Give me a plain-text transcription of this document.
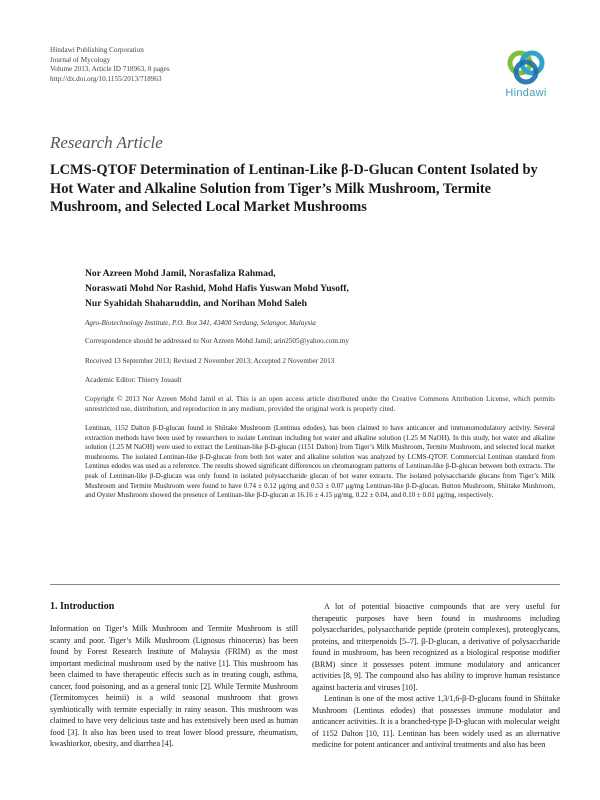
Hindawi Publishing Corporation
Journal of Mycology
Volume 2013, Article ID 718963, 8 pages
http://dx.doi.org/10.1155/2013/718963
Hindawi
Research Article
LCMS-QTOF Determination of Lentinan-Like β-D-Glucan Content Isolated by Hot Water and Alkaline Solution from Tiger’s Milk Mushroom, Termite Mushroom, and Selected Local Market Mushrooms
Nor Azreen Mohd Jamil, Norasfaliza Rahmad,
Noraswati Mohd Nor Rashid, Mohd Hafis Yuswan Mohd Yusoff,
Nur Syahidah Shaharuddin, and Norihan Mohd Saleh
Agro-Biotechnology Institute, P.O. Box 341, 43400 Serdang, Selangor, Malaysia
Correspondence should be addressed to Nor Azreen Mohd Jamil; arin2505@yahoo.com.my
Received 13 September 2013; Revised 2 November 2013; Accepted 2 November 2013
Academic Editor: Thierry Jouault
Copyright © 2013 Nor Azreen Mohd Jamil et al. This is an open access article distributed under the Creative Commons Attribution License, which permits unrestricted use, distribution, and reproduction in any medium, provided the original work is properly cited.
Lentinan, 1152 Dalton β-D-glucan found in Shiitake Mushroom (Lentinus edodes), has been claimed to have anticancer and immunomodulatory activity. Several extraction methods have been used by researchers to isolate Lentinan including hot water and alkaline solution (1.25 M NaOH). In this study, hot water and alkaline solution (1.25 M NaOH) were used to extract the Lentinan-like β-D-glucan (1151 Dalton) from Tiger’s Milk Mushroom, Termite Mushroom, and selected local market mushrooms. The isolated Lentinan-like β-D-glucan from both hot water and alkaline solution was analyzed by LCMS-QTOF. Commercial Lentinan standard from Lentinus edodes was used as a reference. The results showed significant differences on chromatogram patterns of Lentinan-like β-D-glucan between both extracts. The peak of Lentinan-like β-D-glucan was only found in isolated polysaccharide glucan of hot water extracts. The isolated polysaccharide glucans from Tiger’s Milk Mushroom and Termite Mushroom were found to have 0.74 ± 0.12 μg/mg and 0.53 ± 0.07 μg/mg Lentinan-like β-D-glucan. Button Mushroom, Shiitake Mushroom, and Oyster Mushroom showed the presence of Lentinan-like β-D-glucan at 16.16 ± 4.15 μg/mg, 0.22 ± 0.04, and 0.10 ± 0.01 μg/mg, respectively.
1. Introduction

Information on Tiger’s Milk Mushroom and Termite Mushroom is still scanty and poor. Tiger’s Milk Mushroom (Lignosus rhinocerus) has been found by Forest Research Institute of Malaysia (FRIM) as the most important medicinal mushroom used by the native [1]. This mushroom has been claimed to have therapeutic effects such as in treating cough, asthma, cancer, food poisoning, and as a general tonic [2]. While Termite Mushroom (Termitomyces heimii) is a wild seasonal mushroom that grows symbiotically with termite especially in rainy season. This mushroom was claimed to have very delicious taste and has extensively been used as human food [3]. It also has been used to treat lower blood pressure, rheumatism, kwashiorkor, obesity, and diarrhea [4].

A lot of potential bioactive compounds that are very useful for therapeutic purposes have been found in mushrooms including polysaccharides, polysaccharide peptide (protein complexes), proteoglycans, proteins, and triterpenoids [5–7]. β-D-glucan, a derivative of polysaccharide found in mushroom, has been recognized as a biological response modifier (BRM) since it possesses potent immune modulatory and anticancer activities [8, 9]. The compound also has ability to improve human resistance against bacteria and viruses [10].

Lentinan is one of the most active 1,3/1,6-β-D-glucans found in Shiitake Mushroom (Lentinus edodes) that possesses immune modulator and anticancer activities. It is a branched-type β-D-glucan with molecular weight of 1152 Dalton [10, 11]. Lentinan has been widely used as an alternative medicine for potent anticancer and antiviral treatments and also has been
